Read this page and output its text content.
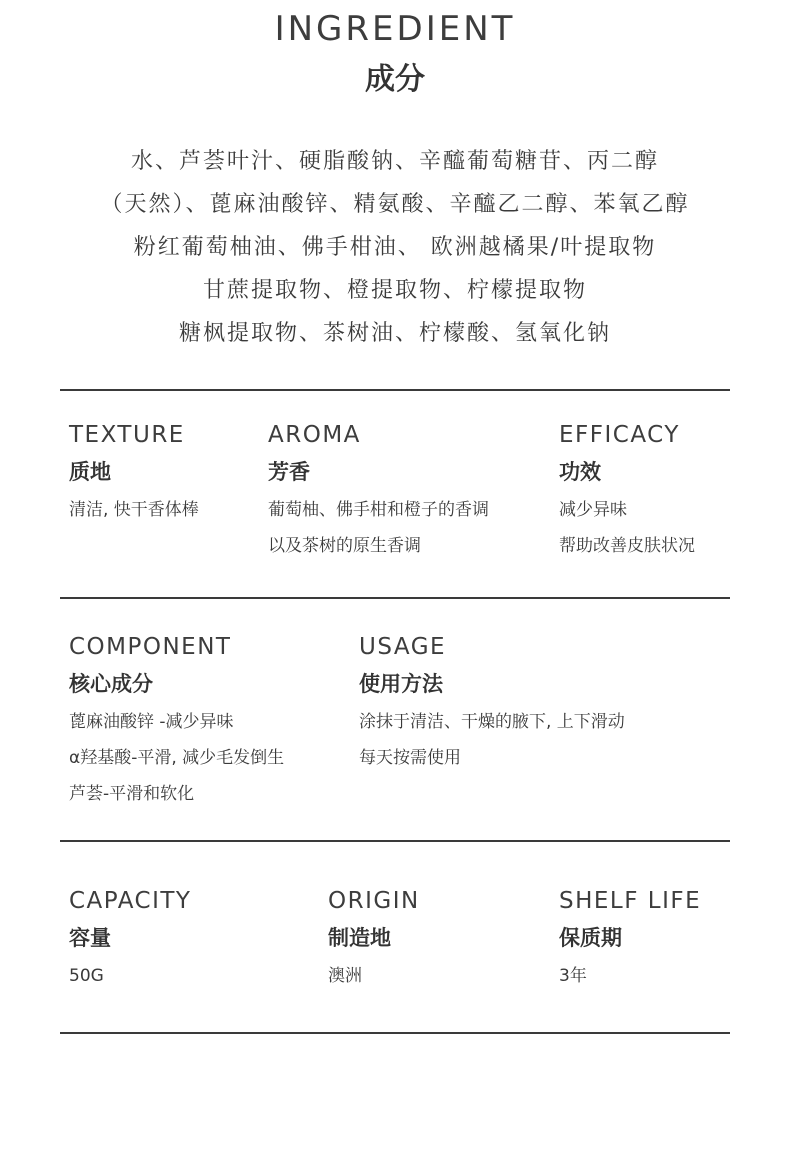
INGREDIENT
成分
水、芦荟叶汁、硬脂酸钠、辛醯葡萄糖苷、丙二醇
（天然）、蓖麻油酸锌、精氨酸、辛醯乙二醇、苯氧乙醇
粉红葡萄柚油、佛手柑油、 欧洲越橘果/叶提取物
甘蔗提取物、橙提取物、柠檬提取物
糖枫提取物、茶树油、柠檬酸、氢氧化钠
TEXTURE
质地
清洁, 快干香体棒
AROMA
芳香
葡萄柚、佛手柑和橙子的香调
以及茶树的原生香调
EFFICACY
功效
减少异味
帮助改善皮肤状况
COMPONENT
核心成分
蓖麻油酸锌 -减少异味
α羟基酸-平滑, 减少毛发倒生
芦荟-平滑和软化
USAGE
使用方法
涂抹于清洁、干燥的腋下, 上下滑动
每天按需使用
CAPACITY
容量
50G
ORIGIN
制造地
澳洲
SHELF LIFE
保质期
3年
